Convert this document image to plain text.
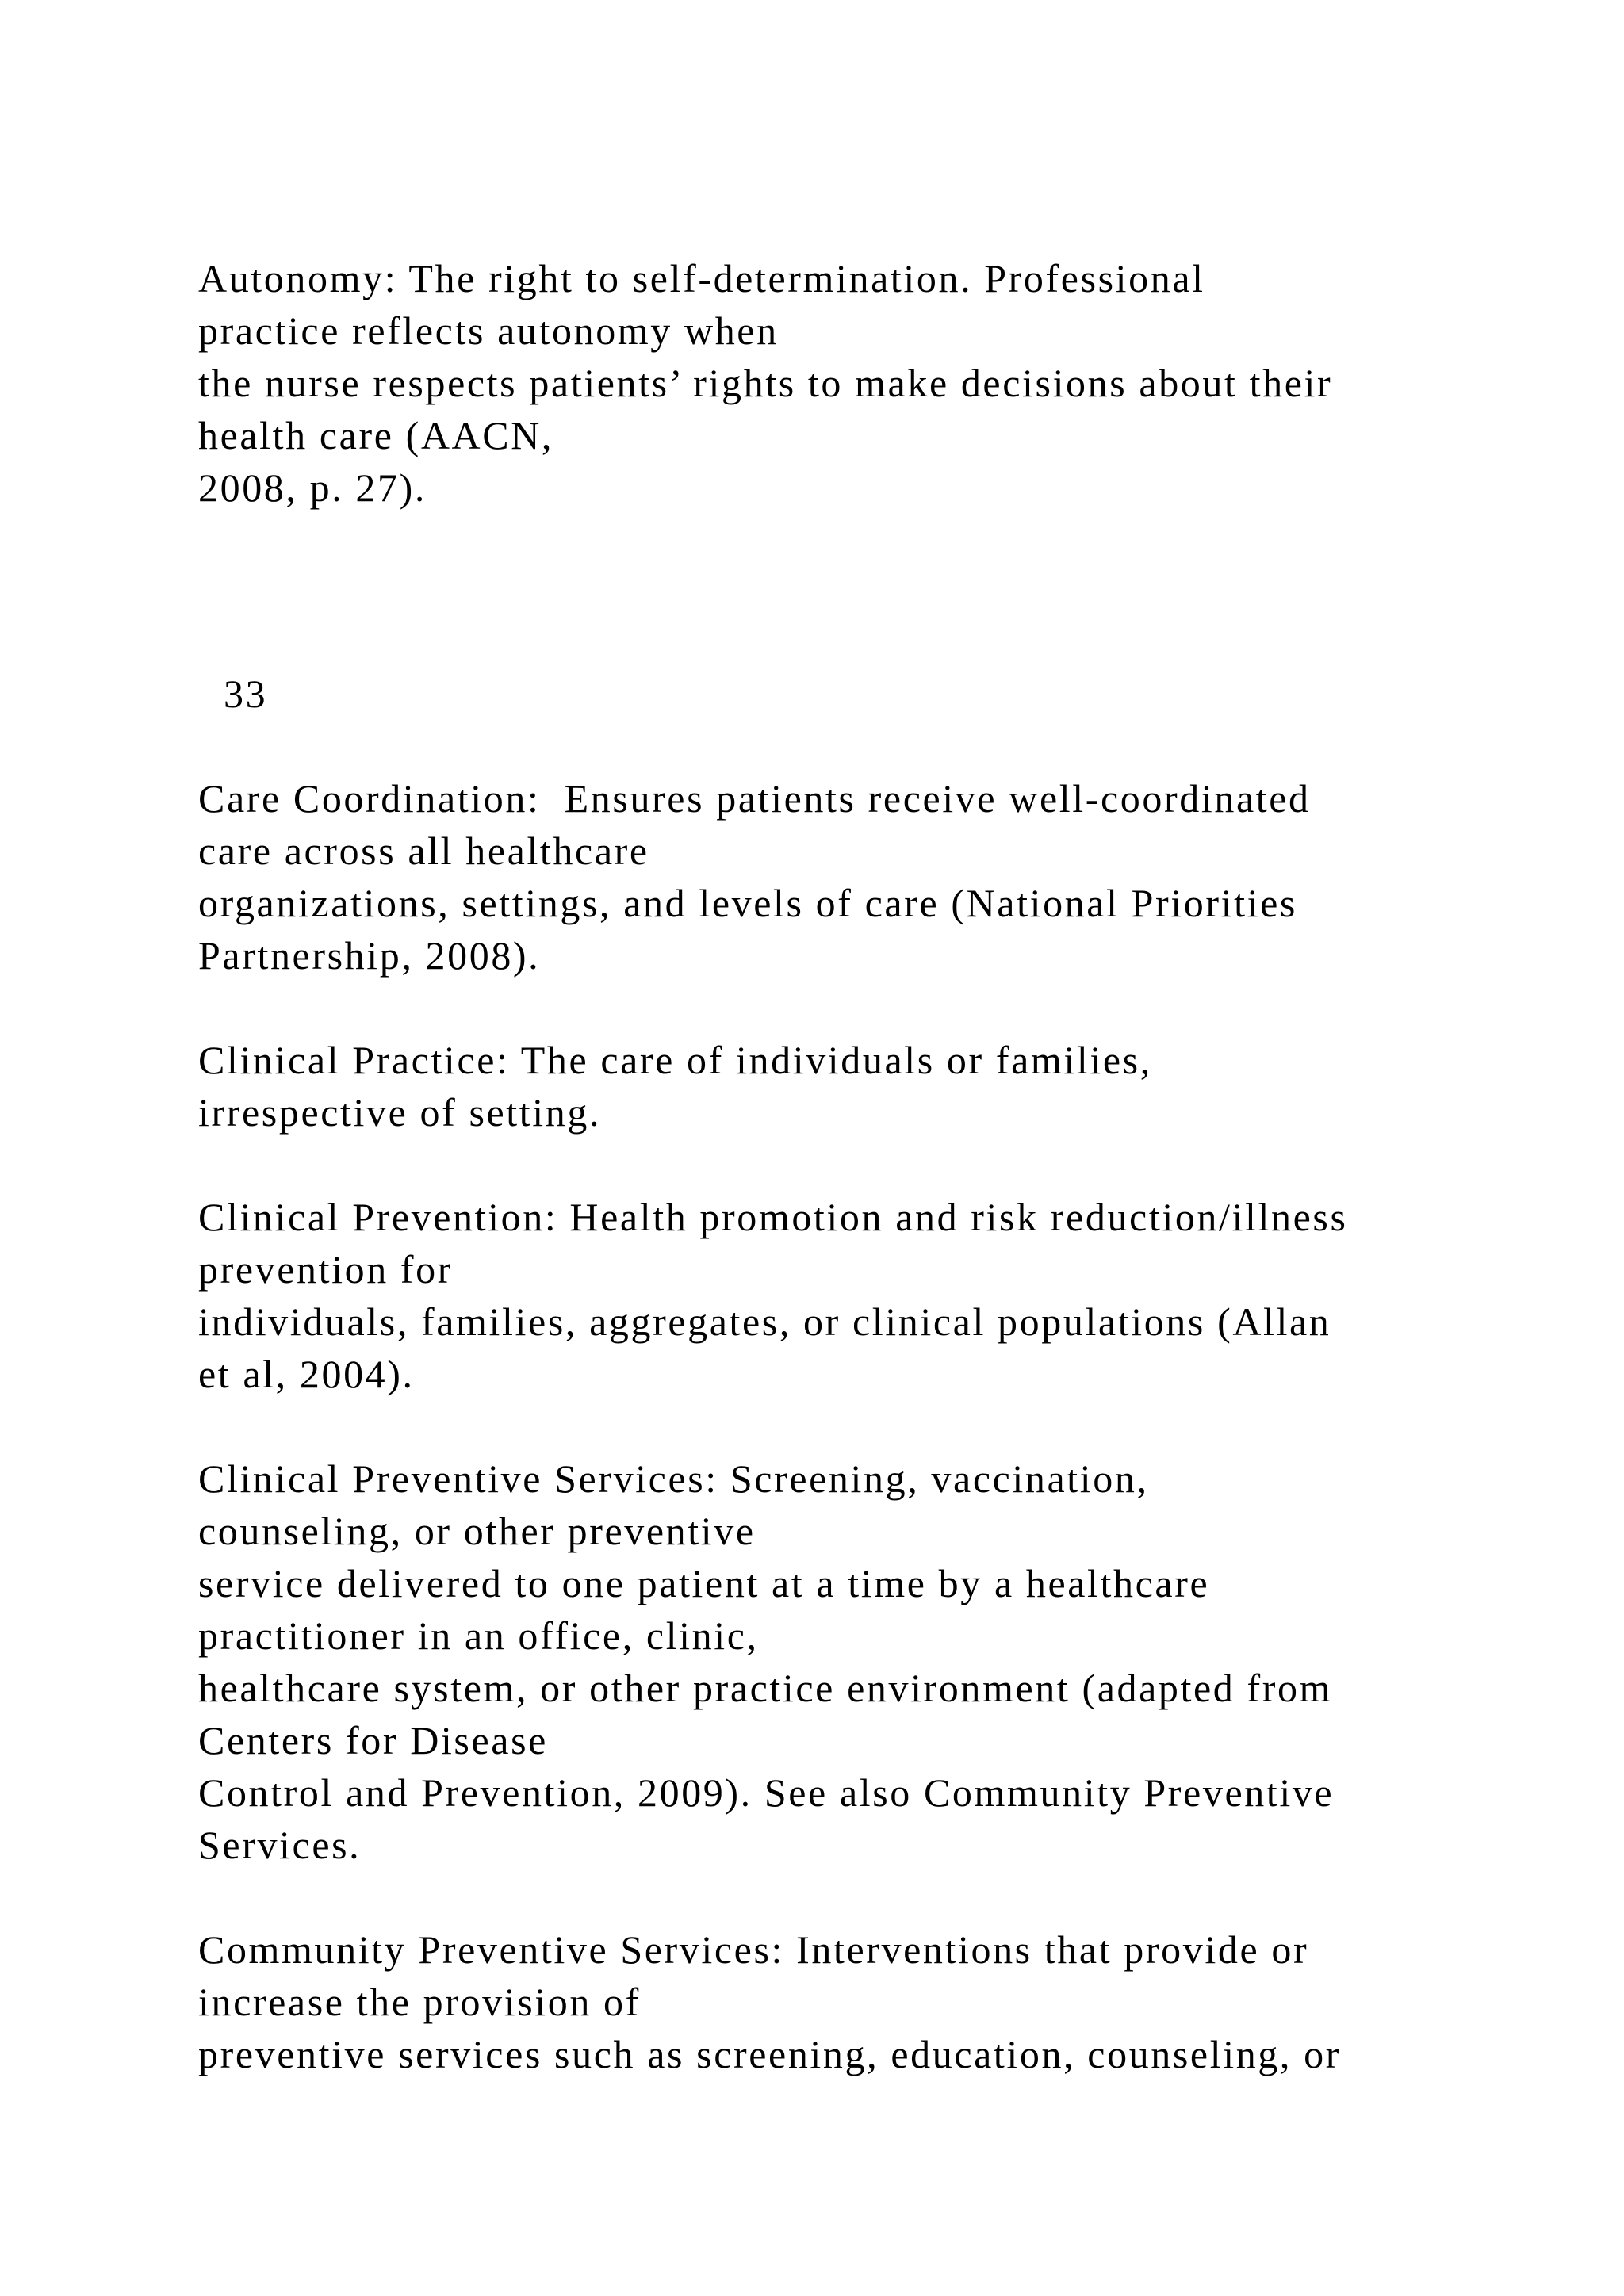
Autonomy: The right to self-determination. Professional

practice reflects autonomy when

the nurse respects patients’ rights to make decisions about their

health care (AACN,

2008, p. 27).

33

Care Coordination:  Ensures patients receive well-coordinated

care across all healthcare

organizations, settings, and levels of care (National Priorities

Partnership, 2008).

Clinical Practice: The care of individuals or families,

irrespective of setting.

Clinical Prevention: Health promotion and risk reduction/illness

prevention for

individuals, families, aggregates, or clinical populations (Allan

et al, 2004).

Clinical Preventive Services: Screening, vaccination,

counseling, or other preventive

service delivered to one patient at a time by a healthcare

practitioner in an office, clinic,

healthcare system, or other practice environment (adapted from

Centers for Disease

Control and Prevention, 2009). See also Community Preventive

Services.

Community Preventive Services: Interventions that provide or

increase the provision of

preventive services such as screening, education, counseling, or
